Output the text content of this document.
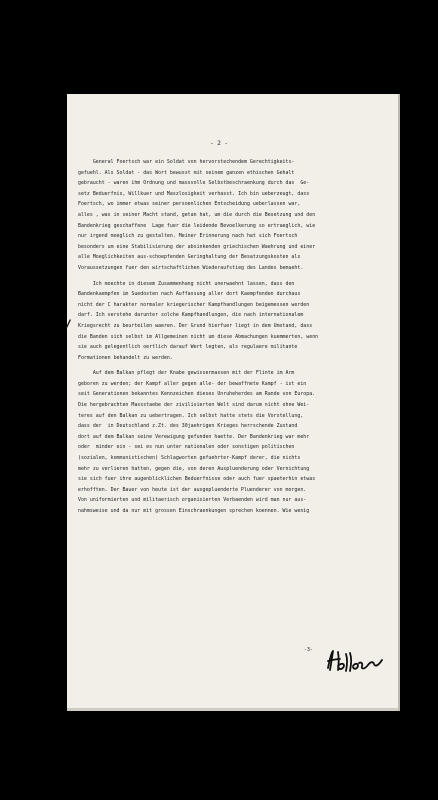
- 2 -
/
General Foertsch war ein Soldat von hervorstechendem Gerechtigkeits-
gefuehl. Als Soldat - das Wort bewusst mit seinem ganzen ethischen Gehalt
gebraucht - waren ihm Ordnung und massvolle Selbstbeschraenkung durch das  Ge-
setz Beduerfnis, Willkuer und Maszlosigkeit verhasst. Ich bin ueberzeugt, dass
Foertsch, wo immer etwas seiner persoenlichen Entscheidung ueberlassen war,
alles , was in seiner Macht stand, getan hat, um die durch die Besetzung und den
Bandenkrieg geschaffene  Lage fuer die leidende Bevoelkerung so ertraeglich, wie
nur irgend moeglich zu gestalten. Meiner Erinnerung nach hat sich Foertsch
besonders um eine Stabilisierung der absinkenden griechischen Waehrung und einer
alle Moeglichkeiten aus-schoepfenden Geringhaltung der Besatzungskosten als
Voraussetzungen fuer den wirtschaftlichen Wiederaufstieg des Landes bemueht.
Ich moechte in diesem Zusammenhang nicht unerwaehnt lassen, dass den
Bandenkaempfen im Suedosten nach Auffassung aller dort Kaempfenden durchaus
nicht der C harakter normaler kriegerischer Kampfhandlungen beigemessen werden
darf. Ich verstehe darunter solche Kampfhandlungen, die nach internationalem
Kriegsrecht zu beurteilen waeren. Der Grund hierfuer liegt in dem Umstand, dass
die Banden sich selbst im Allgemeinen nicht um diese Abmachungen kuemmerten, wenn
sie auch gelegentlich oertlich darauf Wert legten, als regulaere militante
Formationen behandelt zu werden.
Auf dem Balkan pflegt der Knabe gewissermassen mit der Flinte im Arm
geboren zu werden; der Kampf aller gegen alle- der bewaffnete Kampf - ist ein
seit Generationen bekanntes Kennzeichen dieses Unruheherdes am Rande von Europa.
Die hergebrachten Massstaebe der zivilisierten Welt sind darum nicht ohne Wei-
teres auf den Balkan zu uebertragen. Ich selbst hatte stets die Vorstellung,
dass der  in Deutschland z.Zt. des 30jaehrigen Krieges herrschende Zustand
dort auf dem Balkan seine Verewigung gefunden haette. Der Bandenkrieg war mehr
oder  minder ein - sei es nun unter nationalen oder sonstigen politischen
(sozialen, kommunistischen) Schlagworten gefuehrter-Kampf derer, die nichts
mehr zu verlieren hatten, gegen die, von deren Auspluenderung oder Vernichtung
sie sich fuer ihre augenblicklichen Beduerfnisse oder auch fuer spaeterhin etwas
erhofften. Der Bauer von heute ist der ausgepluenderte Pluenderer von morgen.
Von uniformierten und militaerisch organisierten Verbaenden wird man nur aus-
nahmsweise und da nur mit grossen Einschraenkungen sprechen koennen. Wie wenig
-3-
